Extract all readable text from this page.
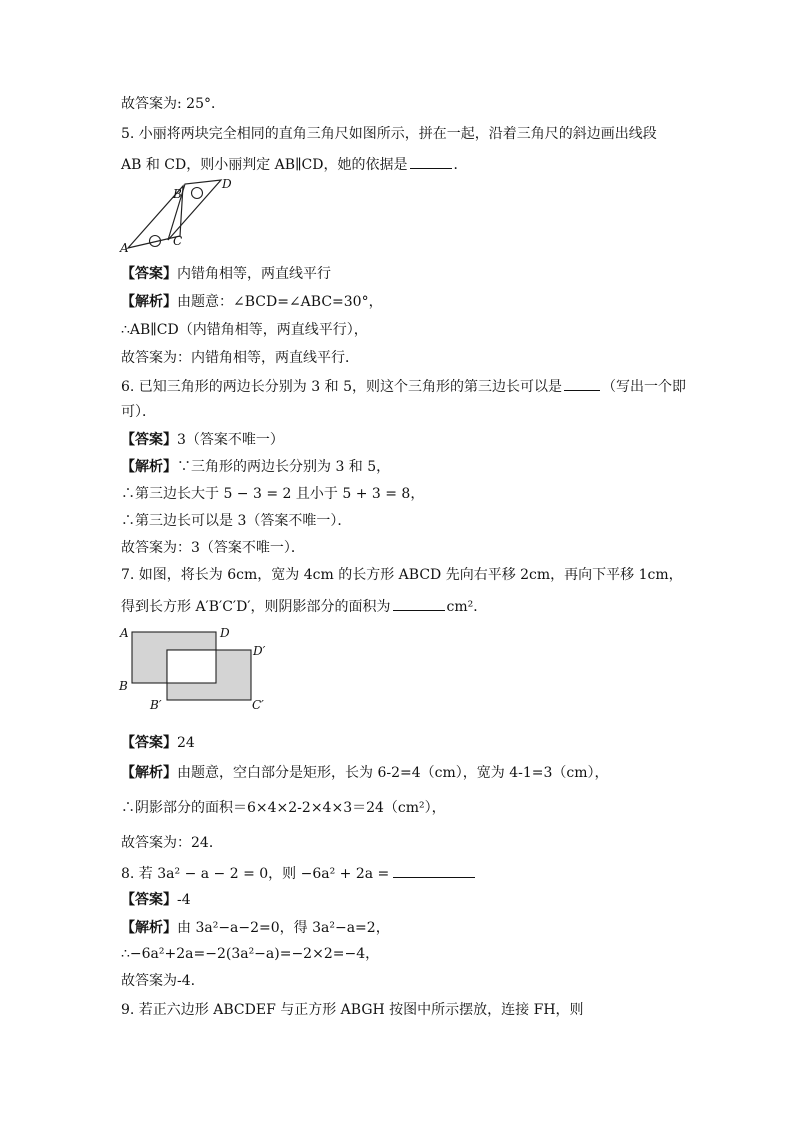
故答案为: 25°．
5. 小丽将两块完全相同的直角三角尺如图所示，拼在一起，沿着三角尺的斜边画出线段
AB 和 CD，则小丽判定 AB∥CD，她的依据是	．
A
B
C
D
【答案】内错角相等，两直线平行
【解析】由题意：∠BCD=∠ABC=30°，
∴AB∥CD（内错角相等，两直线平行），
故答案为：内错角相等，两直线平行．
6. 已知三角形的两边长分别为 3 和 5，则这个三角形的第三边长可以是	（写出一个即
可）．
【答案】3（答案不唯一）
【解析】∵三角形的两边长分别为 3 和 5，
∴第三边长大于 5 − 3 = 2 且小于 5 + 3 = 8，
∴第三边长可以是 3（答案不唯一）．
故答案为：3（答案不唯一）．
7. 如图，将长为 6cm，宽为 4cm 的长方形 ABCD 先向右平移 2cm，再向下平移 1cm，
得到长方形 A′B′C′D′，则阴影部分的面积为	cm²．
A	D
D′
B
B′	C′
【答案】24
【解析】由题意，空白部分是矩形，长为 6-2=4（cm），宽为 4-1=3（cm），
∴阴影部分的面积＝6×4×2-2×4×3＝24（cm²），
故答案为：24．
8. 若 3a² − a − 2 = 0，则 −6a² + 2a =
【答案】-4
【解析】由 3a²−a−2=0，得 3a²−a=2，
∴−6a²+2a=−2(3a²−a)=−2×2=−4，
故答案为-4.
9. 若正六边形 ABCDEF 与正方形 ABGH 按图中所示摆放，连接 FH，则
